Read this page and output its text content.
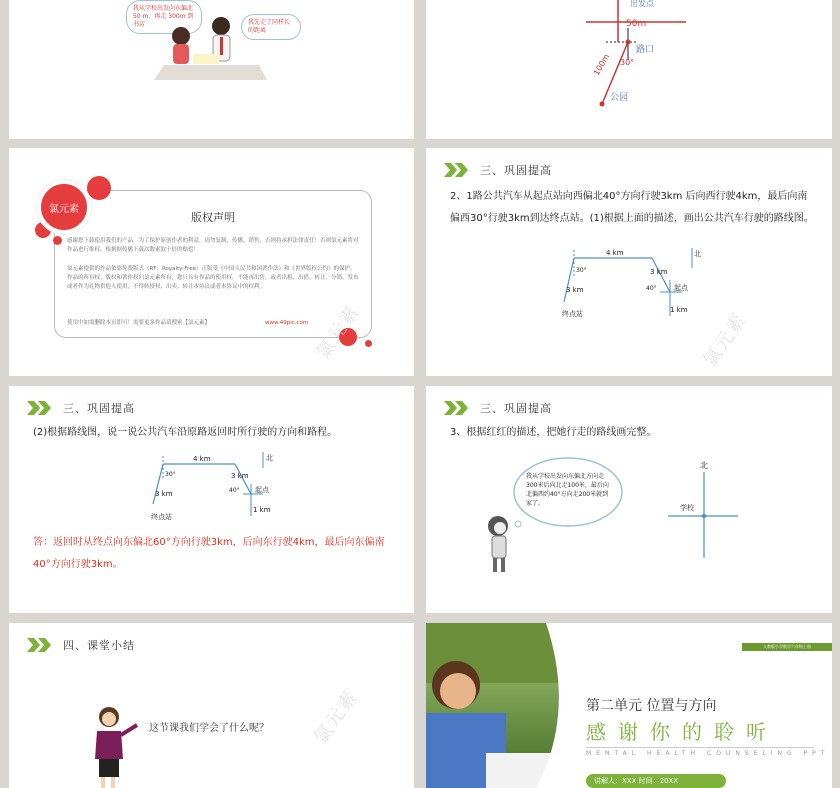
我从学校出发向东偏北 50 m，再走 300m 到书店	我先走了同样长的距离
出发点
50m
路口
100m 30°
公园
版权声明
感谢您下载使用我们的产品，为了保护原创作者的利益，请勿复制、传播、销售，否则将承担法律责任！否则氯元素将对作品进行维权，根据据传播下载次数索取十倍的赔偿！
氯元素提供的作品依靠免费版式（RF：Royalty-Free）正版受《中国人民共和国著作法》和《世界版权公约》的保护，作品的所有权、版权和著作权归氯元素所有，您只具有作品的使用权，不能再出售，或者出租、出借、转让、分销、发布或者作为礼物供他人使用，不得转授权、出卖、转让本协议或者本协议中的权利。
使用中如需删除本页即可！需要更多作品请搜索【氯元素】	www.49pic.com
氯元素
氯元素
三、巩固提高
2、1路公共汽车从起点站向西偏北40°方向行驶3km 后向西行驶4km，最后向南
偏西30°行驶3km到达终点站。(1)根据上面的描述，画出公共汽车行驶的路线图。
4 km
30°
3 km
3 km
40° 起点
1 km
北
终点站	氯元素
三、巩固提高
(2)根据路线图，说一说公共汽车沿原路返回时所行驶的方向和路程。
4 km
30°
3 km
3 km
40° 起点
1 km
北
终点站
答：返回时从终点向东偏北60°方向行驶3km，后向东行驶4km，最后向东偏南
40°方向行驶3km。
三、巩固提高
3、根据红红的描述，把她行走的路线画完整。
我从学校出发向东偏北方向走300米后向北走100米，最后向北偏西约40°方向走200米就到家了。
北
学校
四、课堂小结
这节课我们学会了什么呢？ 氯元素
人教版小学数学六年级上册
第二单元 位置与方向
感谢你的聆听
MENTAL HEALTH COUNSELING PPT
讲解人：XXX 时间：20XX
